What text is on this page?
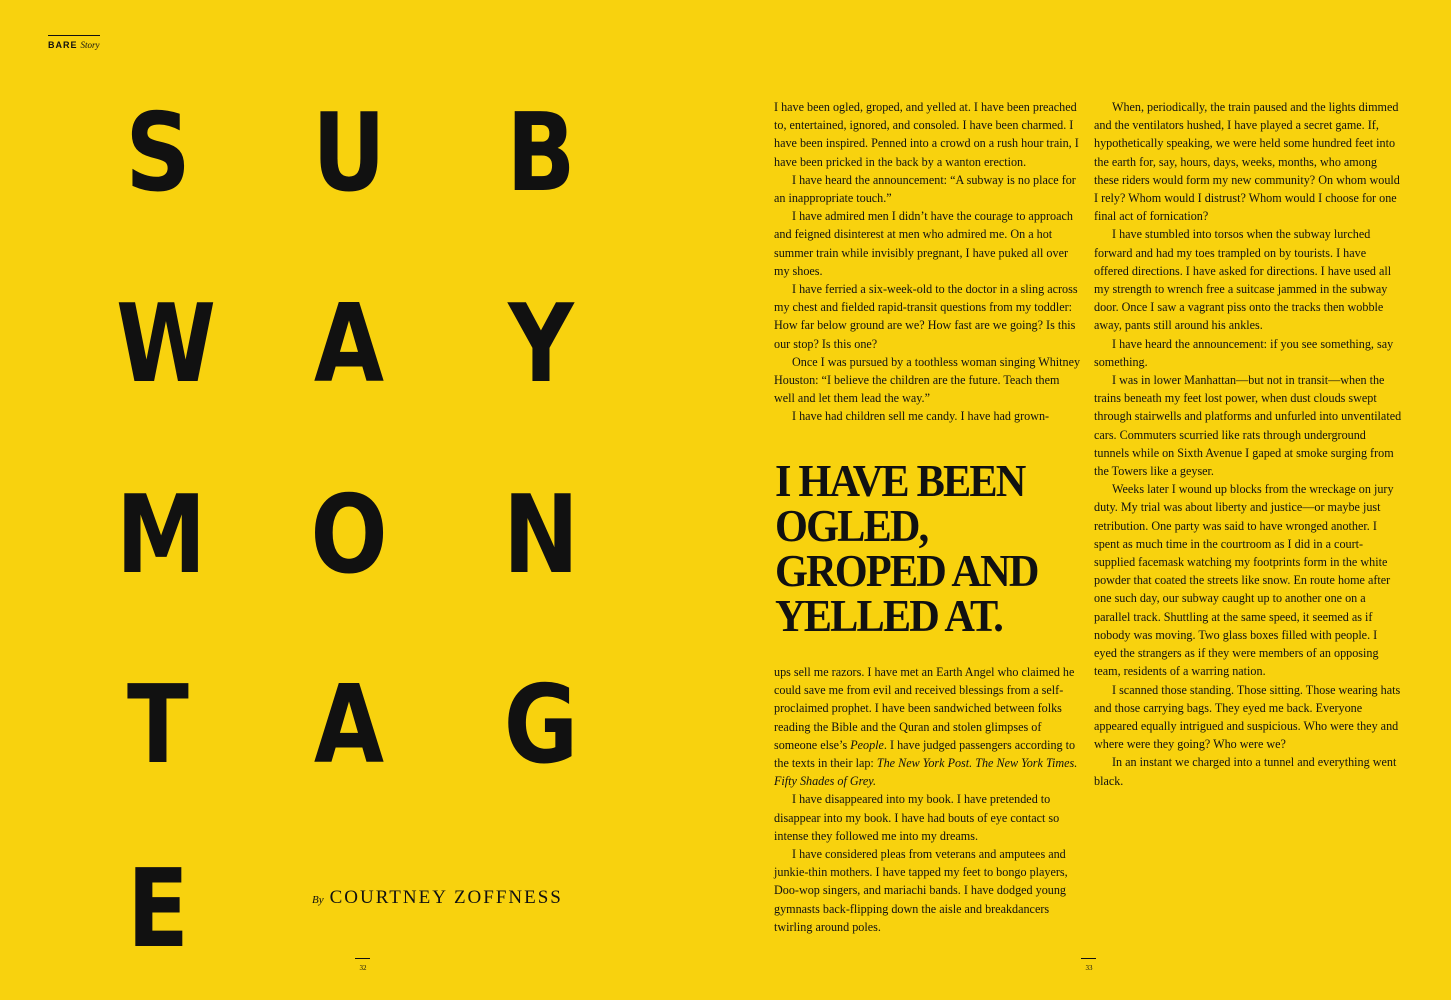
BARE Story
S U B
W A Y
M O N
T A G
E	By COURTNEY ZOFFNESS
32	33

I have been ogled, groped, and yelled at. I have been preached to, entertained, ignored, and consoled. I have been charmed. I have been inspired. Penned into a crowd on a rush hour train, I have been pricked in the back by a wanton erection.

I have heard the announcement: “A subway is no place for an inappropriate touch.”

I have admired men I didn’t have the courage to approach and feigned disinterest at men who admired me. On a hot summer train while invisibly pregnant, I have puked all over my shoes.

I have ferried a six-week-old to the doctor in a sling across my chest and fielded rapid-transit questions from my toddler: How far below ground are we? How fast are we going? Is this our stop? Is this one?

Once I was pursued by a toothless woman singing Whitney Houston: “I believe the children are the future. Teach them well and let them lead the way.”

I have had children sell me candy. I have had grown-

I HAVE BEEN OGLED, GROPED AND YELLED AT.

ups sell me razors. I have met an Earth Angel who claimed he could save me from evil and received blessings from a self-proclaimed prophet. I have been sandwiched between folks reading the Bible and the Quran and stolen glimpses of someone else’s People. I have judged passengers according to the texts in their lap: The New York Post. The New York Times. Fifty Shades of Grey.

I have disappeared into my book. I have pretended to disappear into my book. I have had bouts of eye contact so intense they followed me into my dreams.

I have considered pleas from veterans and amputees and junkie-thin mothers. I have tapped my feet to bongo players, Doo-wop singers, and mariachi bands. I have dodged young gymnasts back-flipping down the aisle and breakdancers twirling around poles.

When, periodically, the train paused and the lights dimmed and the ventilators hushed, I have played a secret game. If, hypothetically speaking, we were held some hundred feet into the earth for, say, hours, days, weeks, months, who among these riders would form my new community? On whom would I rely? Whom would I distrust? Whom would I choose for one final act of fornication?

I have stumbled into torsos when the subway lurched forward and had my toes trampled on by tourists. I have offered directions. I have asked for directions. I have used all my strength to wrench free a suitcase jammed in the subway door. Once I saw a vagrant piss onto the tracks then wobble away, pants still around his ankles.

I have heard the announcement: if you see something, say something.

I was in lower Manhattan—but not in transit—when the trains beneath my feet lost power, when dust clouds swept through stairwells and platforms and unfurled into unventilated cars. Commuters scurried like rats through underground tunnels while on Sixth Avenue I gaped at smoke surging from the Towers like a geyser.

Weeks later I wound up blocks from the wreckage on jury duty. My trial was about liberty and justice—or maybe just retribution. One party was said to have wronged another. I spent as much time in the courtroom as I did in a court-supplied facemask watching my footprints form in the white powder that coated the streets like snow. En route home after one such day, our subway caught up to another one on a parallel track. Shuttling at the same speed, it seemed as if nobody was moving. Two glass boxes filled with people. I eyed the strangers as if they were members of an opposing team, residents of a warring nation.

I scanned those standing. Those sitting. Those wearing hats and those carrying bags. They eyed me back. Everyone appeared equally intrigued and suspicious. Who were they and where were they going? Who were we?

In an instant we charged into a tunnel and everything went black.
